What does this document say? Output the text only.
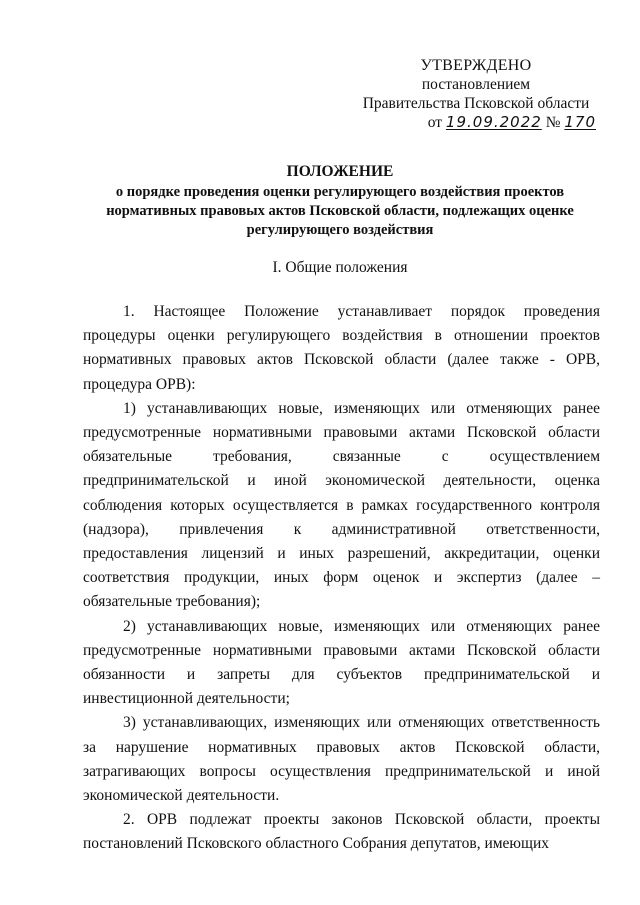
УТВЕРЖДЕНО
постановлением
Правительства Псковской области
от 19.09.2022 № 170
ПОЛОЖЕНИЕ
о порядке проведения оценки регулирующего воздействия проектов нормативных правовых актов Псковской области, подлежащих оценке регулирующего воздействия
I. Общие положения

1. Настоящее Положение устанавливает порядок проведения процедуры оценки регулирующего воздействия в отношении проектов нормативных правовых актов Псковской области (далее также - ОРВ, процедура ОРВ):

1) устанавливающих новые, изменяющих или отменяющих ранее предусмотренные нормативными правовыми актами Псковской области обязательные требования, связанные с осуществлением предпринимательской и иной экономической деятельности, оценка соблюдения которых осуществляется в рамках государственного контроля (надзора), привлечения к административной ответственности, предоставления лицензий и иных разрешений, аккредитации, оценки соответствия продукции, иных форм оценок и экспертиз (далее – обязательные требования);

2) устанавливающих новые, изменяющих или отменяющих ранее предусмотренные нормативными правовыми актами Псковской области обязанности и запреты для субъектов предпринимательской и инвестиционной деятельности;

3) устанавливающих, изменяющих или отменяющих ответственность за нарушение нормативных правовых актов Псковской области, затрагивающих вопросы осуществления предпринимательской и иной экономической деятельности.

2. ОРВ подлежат проекты законов Псковской области, проекты постановлений Псковского областного Собрания депутатов, имеющих
